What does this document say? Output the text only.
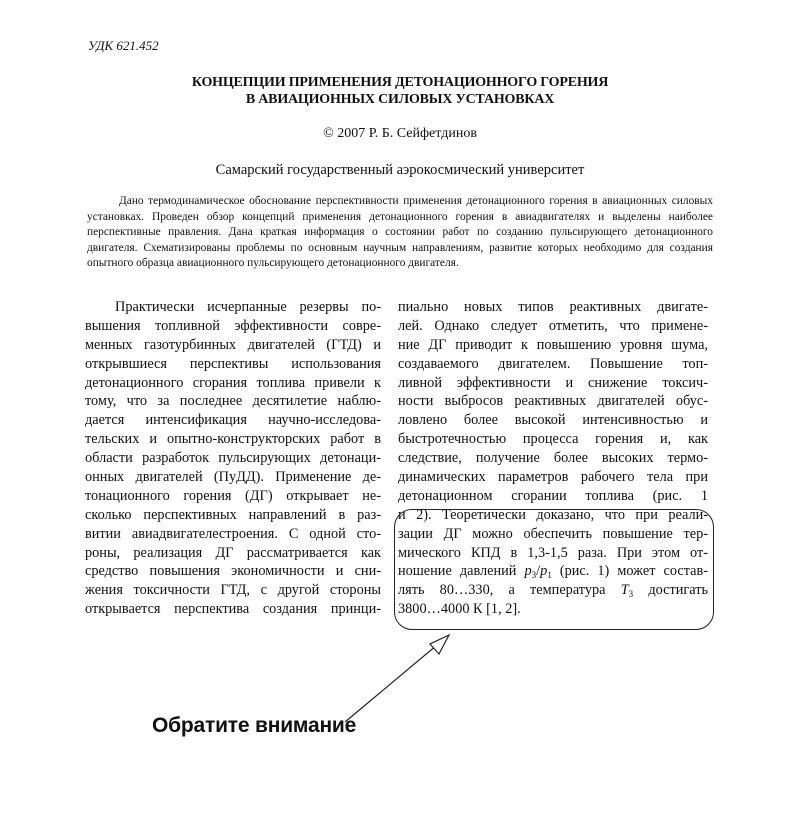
УДК 621.452
КОНЦЕПЦИИ ПРИМЕНЕНИЯ ДЕТОНАЦИОННОГО ГОРЕНИЯ
В АВИАЦИОННЫХ СИЛОВЫХ УСТАНОВКАХ
© 2007 Р. Б. Сейфетдинов
Самарский государственный аэрокосмический университет

Дано термодинамическое обоснование перспективности применения детонационного горения в авиационных силовых установках. Проведен обзор концепций применения детонационного горения в авиадвигателях и выделены наиболее перспективные правления. Дана краткая информация о состоянии работ по созданию пульсирующего детонационного двигателя. Схематизированы проблемы по основным научным направлениям, развитие которых необходимо для создания опытного образца авиационного пульсирующего детонационного двигателя.

Практически исчерпанные резервы по-
вышения топливной эффективности совре-
менных газотурбинных двигателей (ГТД) и
открывшиеся перспективы использования
детонационного сгорания топлива привели к
тому, что за последнее десятилетие наблю-
дается интенсификация научно-исследова-
тельских и опытно-конструкторских работ в
области разработок пульсирующих детонаци-
онных двигателей (ПуДД). Применение де-
тонационного горения (ДГ) открывает не-
сколько перспективных направлений в раз-
витии авиадвигателестроения. С одной сто-
роны, реализация ДГ рассматривается как
средство повышения экономичности и сни-
жения токсичности ГТД, с другой стороны
открывается перспектива создания принци-
пиально новых типов реактивных двигате-
лей. Однако следует отметить, что примене-
ние ДГ приводит к повышению уровня шума,
создаваемого двигателем. Повышение топ-
ливной эффективности и снижение токсич-
ности выбросов реактивных двигателей обус-
ловлено более высокой интенсивностью и
быстротечностью процесса горения и, как
следствие, получение более высоких термо-
динамических параметров рабочего тела при
детонационном сгорании топлива (рис. 1
и 2). Теоретически доказано, что при реали-
зации ДГ можно обеспечить повышение тер-
мического КПД в 1,3-1,5 раза. При этом от-
ношение давлений $p_3/p_1$ (рис. 1) может состав-
лять 80…330, а температура $T_3$ достигать
3800…4000 К [1, 2].
Обратите внимание
